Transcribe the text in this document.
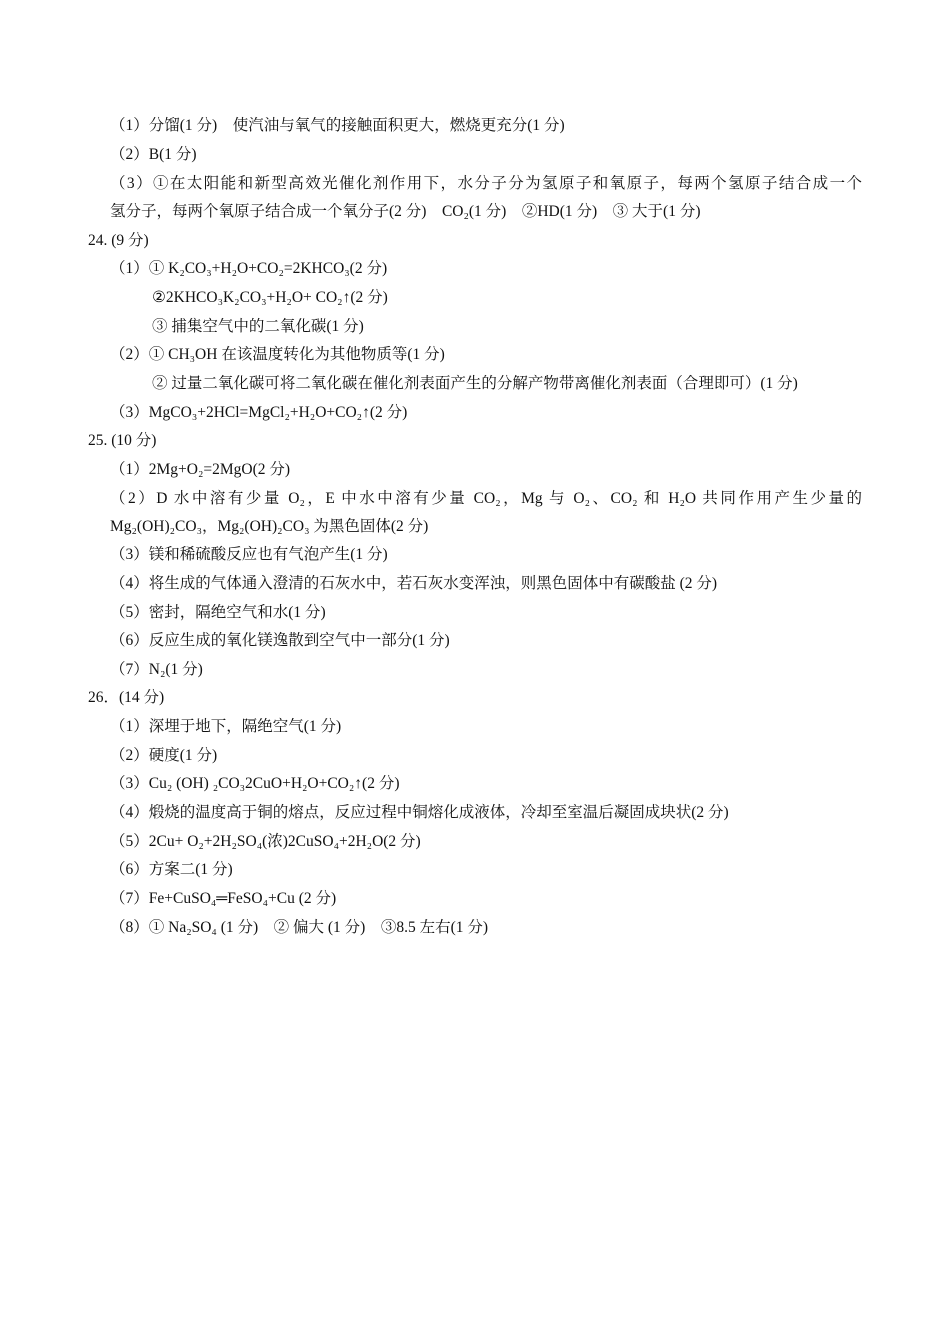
（1）分馏(1 分)　使汽油与氧气的接触面积更大，燃烧更充分(1 分)
（2）B(1 分)
（3）①在太阳能和新型高效光催化剂作用下，水分子分为氢原子和氧原子，每两个氢原子结合成一个
氢分子，每两个氧原子结合成一个氧分子(2 分)　CO₂(1 分)　②HD(1 分)　③ 大于(1 分)
24. (9 分)
（1）① K₂CO₃+H₂O+CO₂=2KHCO₃(2 分)
②2KHCO₃K₂CO₃+H₂O+ CO₂↑(2 分)
③ 捕集空气中的二氧化碳(1 分)
（2）① CH₃OH 在该温度转化为其他物质等(1 分)
② 过量二氧化碳可将二氧化碳在催化剂表面产生的分解产物带离催化剂表面（合理即可）(1 分)
（3）MgCO₃+2HCl=MgCl₂+H₂O+CO₂↑(2 分)
25. (10 分)
（1）2Mg+O₂=2MgO(2 分)
（2）D 水中溶有少量 O₂，E 中水中溶有少量 CO₂，Mg 与 O₂、CO₂ 和 H₂O 共同作用产生少量的
Mg₂(OH)₂CO₃，Mg₂(OH)₂CO₃ 为黑色固体(2 分)
（3）镁和稀硫酸反应也有气泡产生(1 分)
（4）将生成的气体通入澄清的石灰水中，若石灰水变浑浊，则黑色固体中有碳酸盐 (2 分)
（5）密封，隔绝空气和水(1 分)
（6）反应生成的氧化镁逸散到空气中一部分(1 分)
（7）N₂(1 分)
26．(14 分)
（1）深埋于地下，隔绝空气(1 分)
（2）硬度(1 分)
（3）Cu₂ (OH) ₂CO₃2CuO+H₂O+CO₂↑(2 分)
（4）煅烧的温度高于铜的熔点，反应过程中铜熔化成液体，冷却至室温后凝固成块状(2 分)
（5）2Cu+ O₂+2H₂SO₄(浓)2CuSO₄+2H₂O(2 分)
（6）方案二(1 分)
（7）Fe+CuSO₄═FeSO₄+Cu (2 分)
（8）① Na₂SO₄ (1 分)　② 偏大 (1 分)　③8.5 左右(1 分)
